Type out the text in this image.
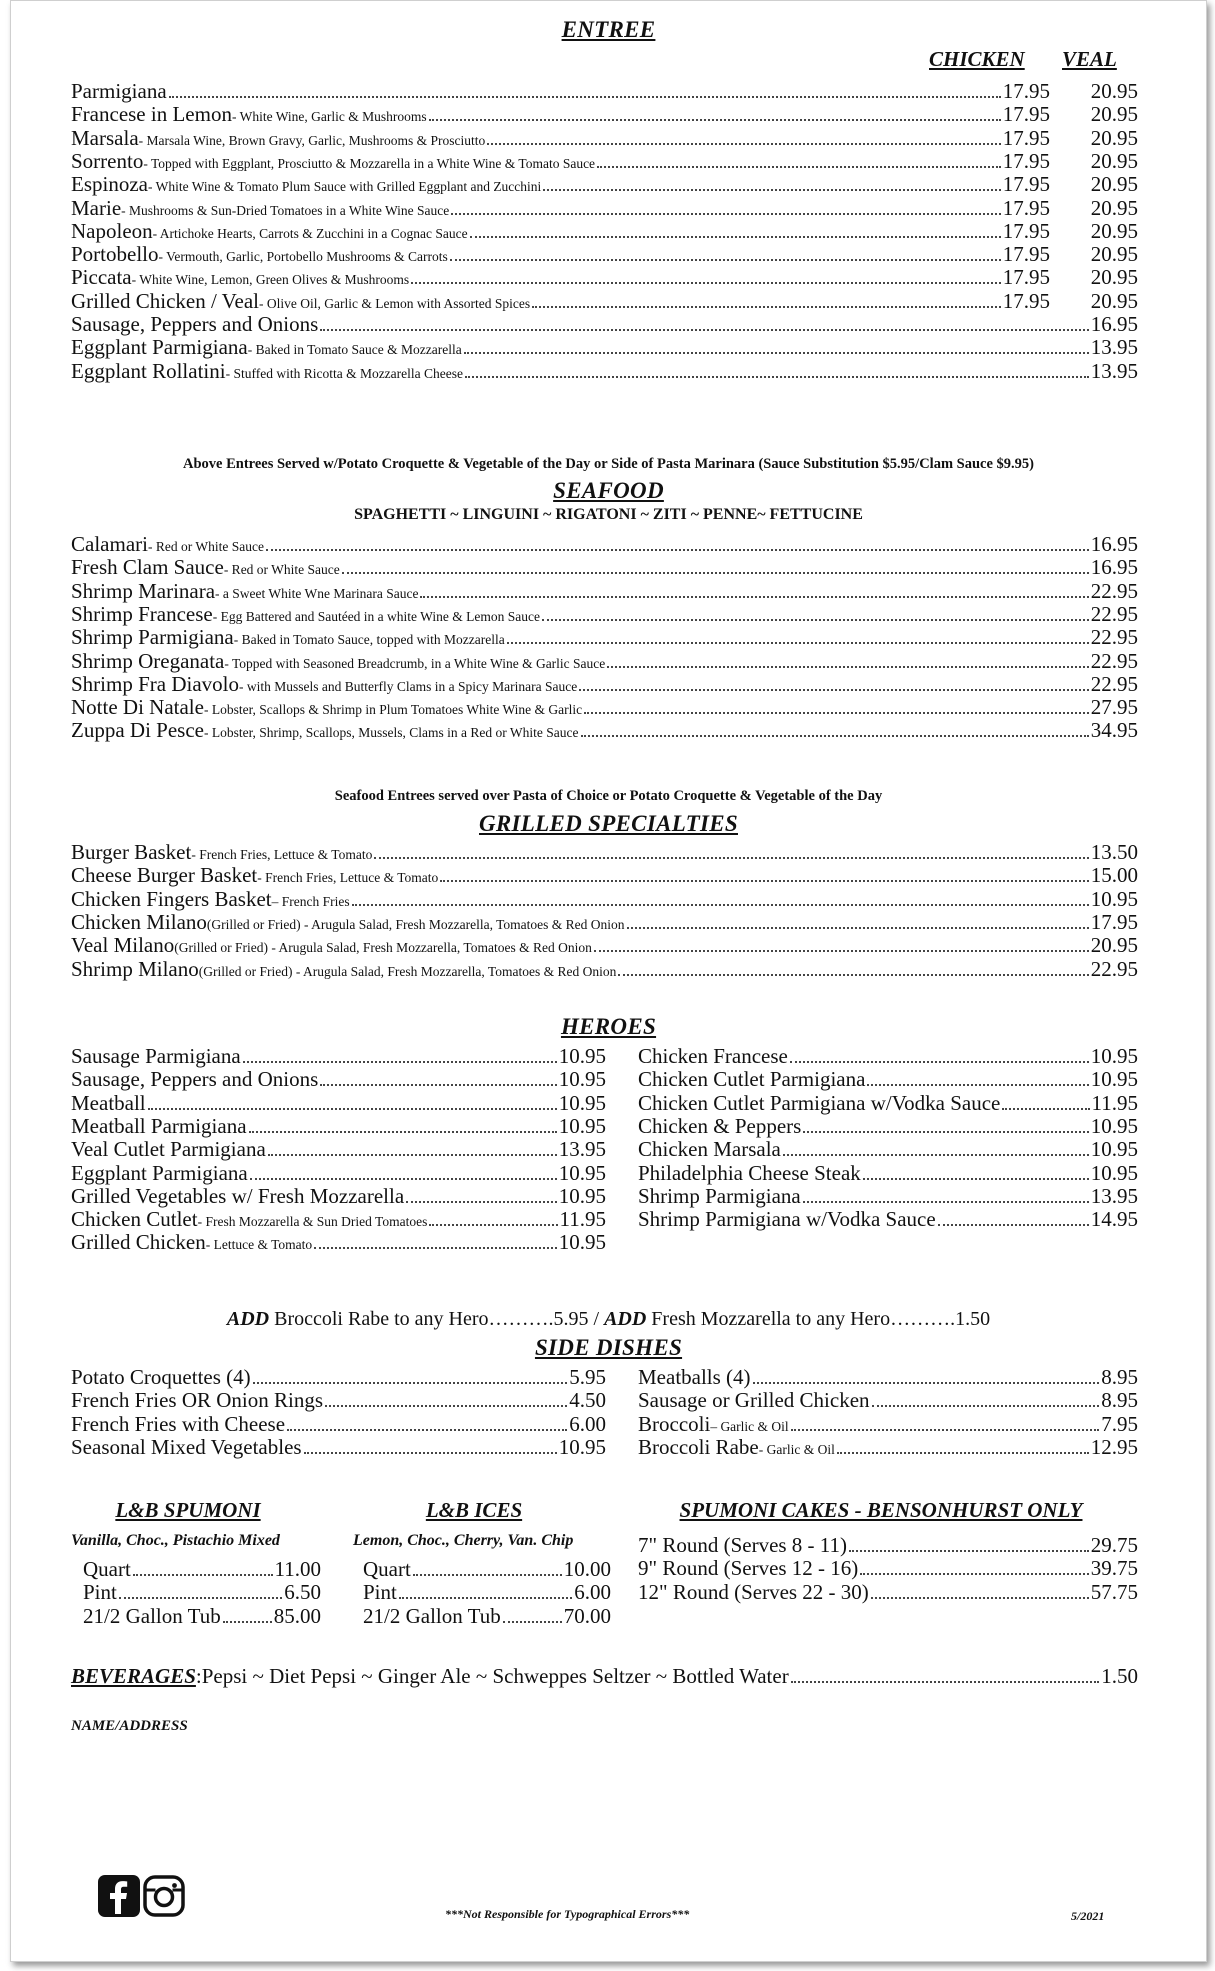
ENTREE
CHICKEN VEAL
Parmigiana	17.95	20.95
Francese in Lemon - White Wine, Garlic & Mushrooms	17.95	20.95
Marsala - Marsala Wine, Brown Gravy, Garlic, Mushrooms & Prosciutto	17.95	20.95
Sorrento - Topped with Eggplant, Prosciutto & Mozzarella in a White Wine & Tomato Sauce	17.95	20.95
Espinoza - White Wine & Tomato Plum Sauce with Grilled Eggplant and Zucchini	17.95	20.95
Marie - Mushrooms & Sun-Dried Tomatoes in a White Wine Sauce	17.95	20.95
Napoleon - Artichoke Hearts, Carrots & Zucchini in a Cognac Sauce	17.95	20.95
Portobello - Vermouth, Garlic, Portobello Mushrooms & Carrots	17.95	20.95
Piccata - White Wine, Lemon, Green Olives & Mushrooms	17.95	20.95
Grilled Chicken / Veal - Olive Oil, Garlic & Lemon with Assorted Spices	17.95	20.95
Sausage, Peppers and Onions	16.95
Eggplant Parmigiana - Baked in Tomato Sauce & Mozzarella	13.95
Eggplant Rollatini - Stuffed with Ricotta & Mozzarella Cheese	13.95
Above Entrees Served w/Potato Croquette & Vegetable of the Day or Side of Pasta Marinara (Sauce Substitution $5.95/Clam Sauce $9.95)
SEAFOOD
SPAGHETTI ~ LINGUINI ~ RIGATONI ~ ZITI ~ PENNE~ FETTUCINE
Calamari - Red or White Sauce	16.95
Fresh Clam Sauce - Red or White Sauce	16.95
Shrimp Marinara - a Sweet White Wne Marinara Sauce	22.95
Shrimp Francese - Egg Battered and Sautéed in a white Wine & Lemon Sauce	22.95
Shrimp Parmigiana - Baked in Tomato Sauce, topped with Mozzarella	22.95
Shrimp Oreganata - Topped with Seasoned Breadcrumb, in a White Wine & Garlic Sauce	22.95
Shrimp Fra Diavolo - with Mussels and Butterfly Clams in a Spicy Marinara Sauce	22.95
Notte Di Natale - Lobster, Scallops & Shrimp in Plum Tomatoes White Wine & Garlic	27.95
Zuppa Di Pesce - Lobster, Shrimp, Scallops, Mussels, Clams in a Red or White Sauce	34.95
Seafood Entrees served over Pasta of Choice or Potato Croquette & Vegetable of the Day
GRILLED SPECIALTIES
Burger Basket - French Fries, Lettuce & Tomato	13.50
Cheese Burger Basket - French Fries, Lettuce & Tomato	15.00
Chicken Fingers Basket – French Fries	10.95
Chicken Milano (Grilled or Fried) - Arugula Salad, Fresh Mozzarella, Tomatoes & Red Onion	17.95
Veal Milano (Grilled or Fried) - Arugula Salad, Fresh Mozzarella, Tomatoes & Red Onion	20.95
Shrimp Milano (Grilled or Fried) - Arugula Salad, Fresh Mozzarella, Tomatoes & Red Onion	22.95
HEROES
Sausage Parmigiana	10.95
Sausage, Peppers and Onions	10.95
Meatball	10.95
Meatball Parmigiana	10.95
Veal Cutlet Parmigiana	13.95
Eggplant Parmigiana	10.95
Grilled Vegetables w/ Fresh Mozzarella	10.95
Chicken Cutlet - Fresh Mozzarella & Sun Dried Tomatoes	11.95
Grilled Chicken - Lettuce & Tomato	10.95
Chicken Francese	10.95
Chicken Cutlet Parmigiana	10.95
Chicken Cutlet Parmigiana w/Vodka Sauce	11.95
Chicken & Peppers	10.95
Chicken Marsala	10.95
Philadelphia Cheese Steak	10.95
Shrimp Parmigiana	13.95
Shrimp Parmigiana w/Vodka Sauce	14.95
ADD Broccoli Rabe to any Hero……….5.95 / ADD Fresh Mozzarella to any Hero……….1.50
SIDE DISHES
Potato Croquettes (4)	5.95
French Fries OR Onion Rings	4.50
French Fries with Cheese	6.00
Seasonal Mixed Vegetables	10.95
Meatballs (4)	8.95
Sausage or Grilled Chicken	8.95
Broccoli – Garlic & Oil	7.95
Broccoli Rabe - Garlic & Oil	12.95
L&B SPUMONI
Vanilla, Choc., Pistachio Mixed
Quart	11.00
Pint	6.50
21/2 Gallon Tub	85.00
L&B ICES
Lemon, Choc., Cherry, Van. Chip
Quart	10.00
Pint	6.00
21/2 Gallon Tub	70.00
SPUMONI CAKES - BENSONHURST ONLY
7" Round (Serves 8 - 11)	29.75
9" Round (Serves 12 - 16)	39.75
12" Round (Serves 22 - 30)	57.75
BEVERAGES : Pepsi ~ Diet Pepsi ~ Ginger Ale ~ Schweppes Seltzer ~ Bottled Water	1.50
NAME/ADDRESS
***Not Responsible for Typographical Errors***	5/2021
